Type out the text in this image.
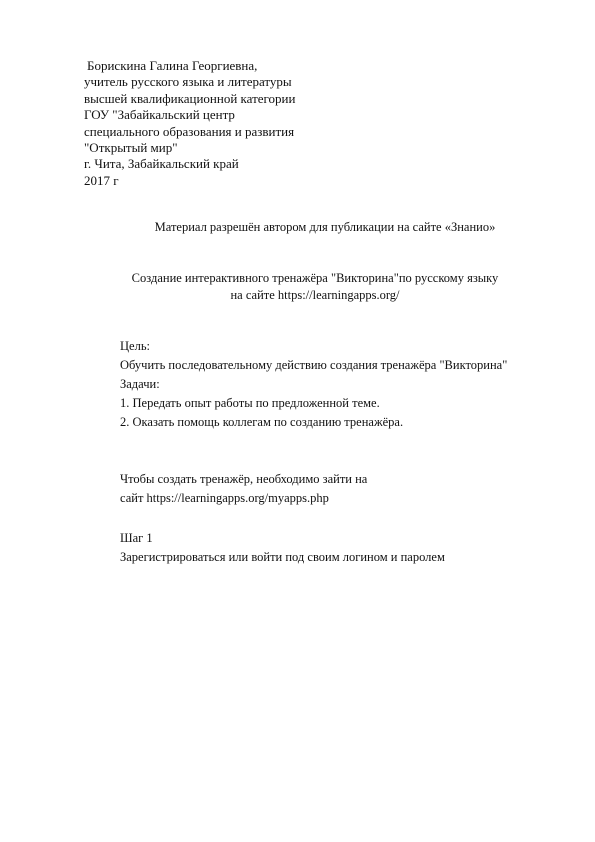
Борискина Галина Георгиевна,
учитель русского языка и литературы
высшей квалификационной категории
ГОУ "Забайкальский центр
специального образования и развития
"Открытый мир"
г. Чита, Забайкальский край
2017 г
Материал разрешён автором для публикации на сайте «Знанио»
Создание интерактивного тренажёра "Викторина"по русскому языку
на сайте https://learningapps.org/
Цель:
Обучить последовательному действию создания тренажёра "Викторина"
Задачи:
1. Передать опыт работы по предложенной теме.
2. Оказать помощь коллегам по созданию тренажёра.
Чтобы создать тренажёр, необходимо зайти на
сайт https://learningapps.org/myapps.php
Шаг 1
Зарегистрироваться или войти под своим логином и паролем
